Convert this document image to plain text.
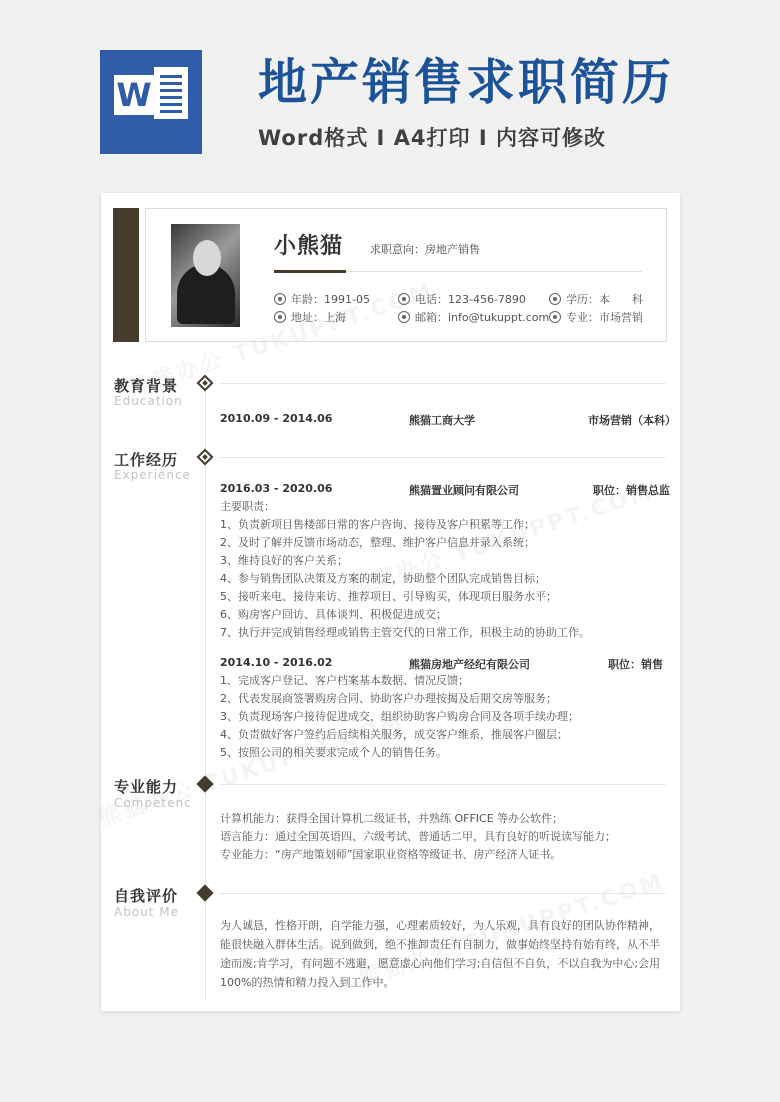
W 地产销售求职简历
Word格式 I A4打印 I 内容可修改
小熊猫 求职意向：房地产销售
年龄：1991-05	电话：123-456-7890	学历：本　　科
地址：上海	邮箱：info@tukuppt.com	专业：市场营销
教育背景
Education
2010.09 - 2014.06	熊猫工商大学	市场营销（本科）
工作经历
Experience
2016.03 - 2020.06	熊猫置业顾问有限公司	职位：销售总监
主要职责：
1、负责新项目售楼部日常的客户咨询、接待及客户积累等工作；
2、及时了解并反馈市场动态，整理、维护客户信息并录入系统；
3、维持良好的客户关系；
4、参与销售团队决策及方案的制定，协助整个团队完成销售目标；
5、接听来电、接待来访、推荐项目、引导购买，体现项目服务水平；
6、购房客户回访、具体谈判、积极促进成交；
7、执行并完成销售经理或销售主管交代的日常工作，积极主动的协助工作。
2014.10 - 2016.02	熊猫房地产经纪有限公司	职位：销售
1、完成客户登记、客户档案基本数据、情况反馈；
2、代表发展商签署购房合同、协助客户办理按揭及后期交房等服务；
3、负责现场客户接待促进成交，组织协助客户购房合同及各项手续办理；
4、负责做好客户签约后后续相关服务，成交客户维系，推展客户圈层；
5、按照公司的相关要求完成个人的销售任务。
专业能力
Competenc
计算机能力：获得全国计算机二级证书，并熟练 OFFICE 等办公软件；
语言能力：通过全国英语四、六级考试、普通话二甲，具有良好的听说读写能力；
专业能力：“房产地策划师”国家职业资格等级证书、房产经济人证书。
自我评价
About Me
为人诚恳，性格开朗，自学能力强，心理素质较好，为人乐观，具有良好的团队协作精神，能很快融入群体生活。说到做到，绝不推卸责任有自制力，做事始终坚持有始有终，从不半途而废;肯学习，有问题不逃避，愿意虚心向他们学习;自信但不自负，不以自我为中心;会用 100%的热情和精力投入到工作中。
